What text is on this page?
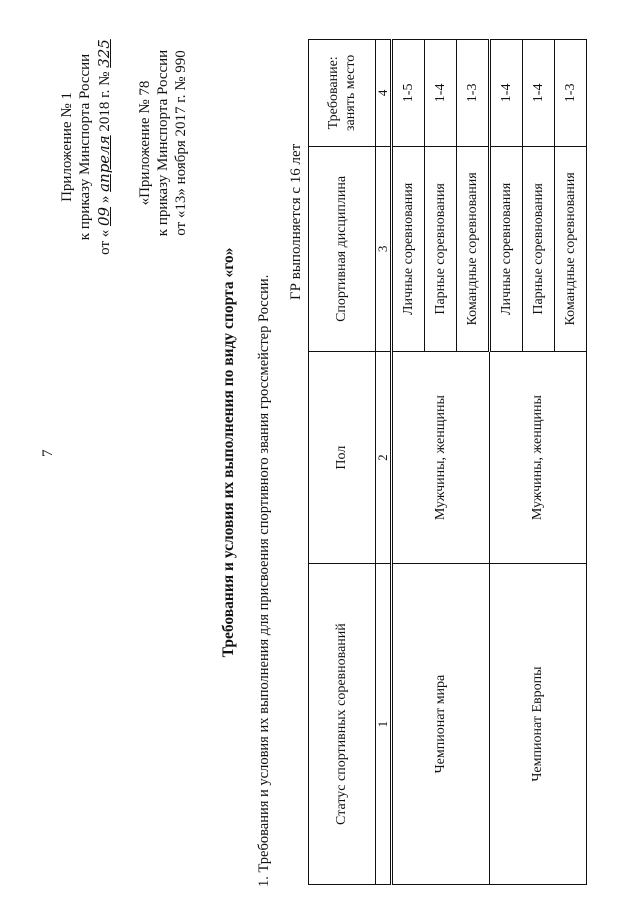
7
Приложение № 1 к приказу Минспорта России
от « 09 » апреля 2018 г. № 325
«Приложение № 78 к приказу Минспорта России от «13» ноября 2017 г. № 990
Требования и условия их выполнения по виду спорта «го» 1. Требования и условия их выполнения для присвоения спортивного звания гроссмейстер России.
ГР выполняется с 16 лет
Статус спортивных соревнований	Пол	Спортивная дисциплина	Требование: занять место
1	2	3	4
Чемпионат мира	Мужчины, женщины	Личные соревнования	1-5
		Парные соревнования	1-4
		Командные соревнования	1-3
Чемпионат Европы	Мужчины, женщины	Личные соревнования	1-4
		Парные соревнования	1-4
		Командные соревнования	1-3
